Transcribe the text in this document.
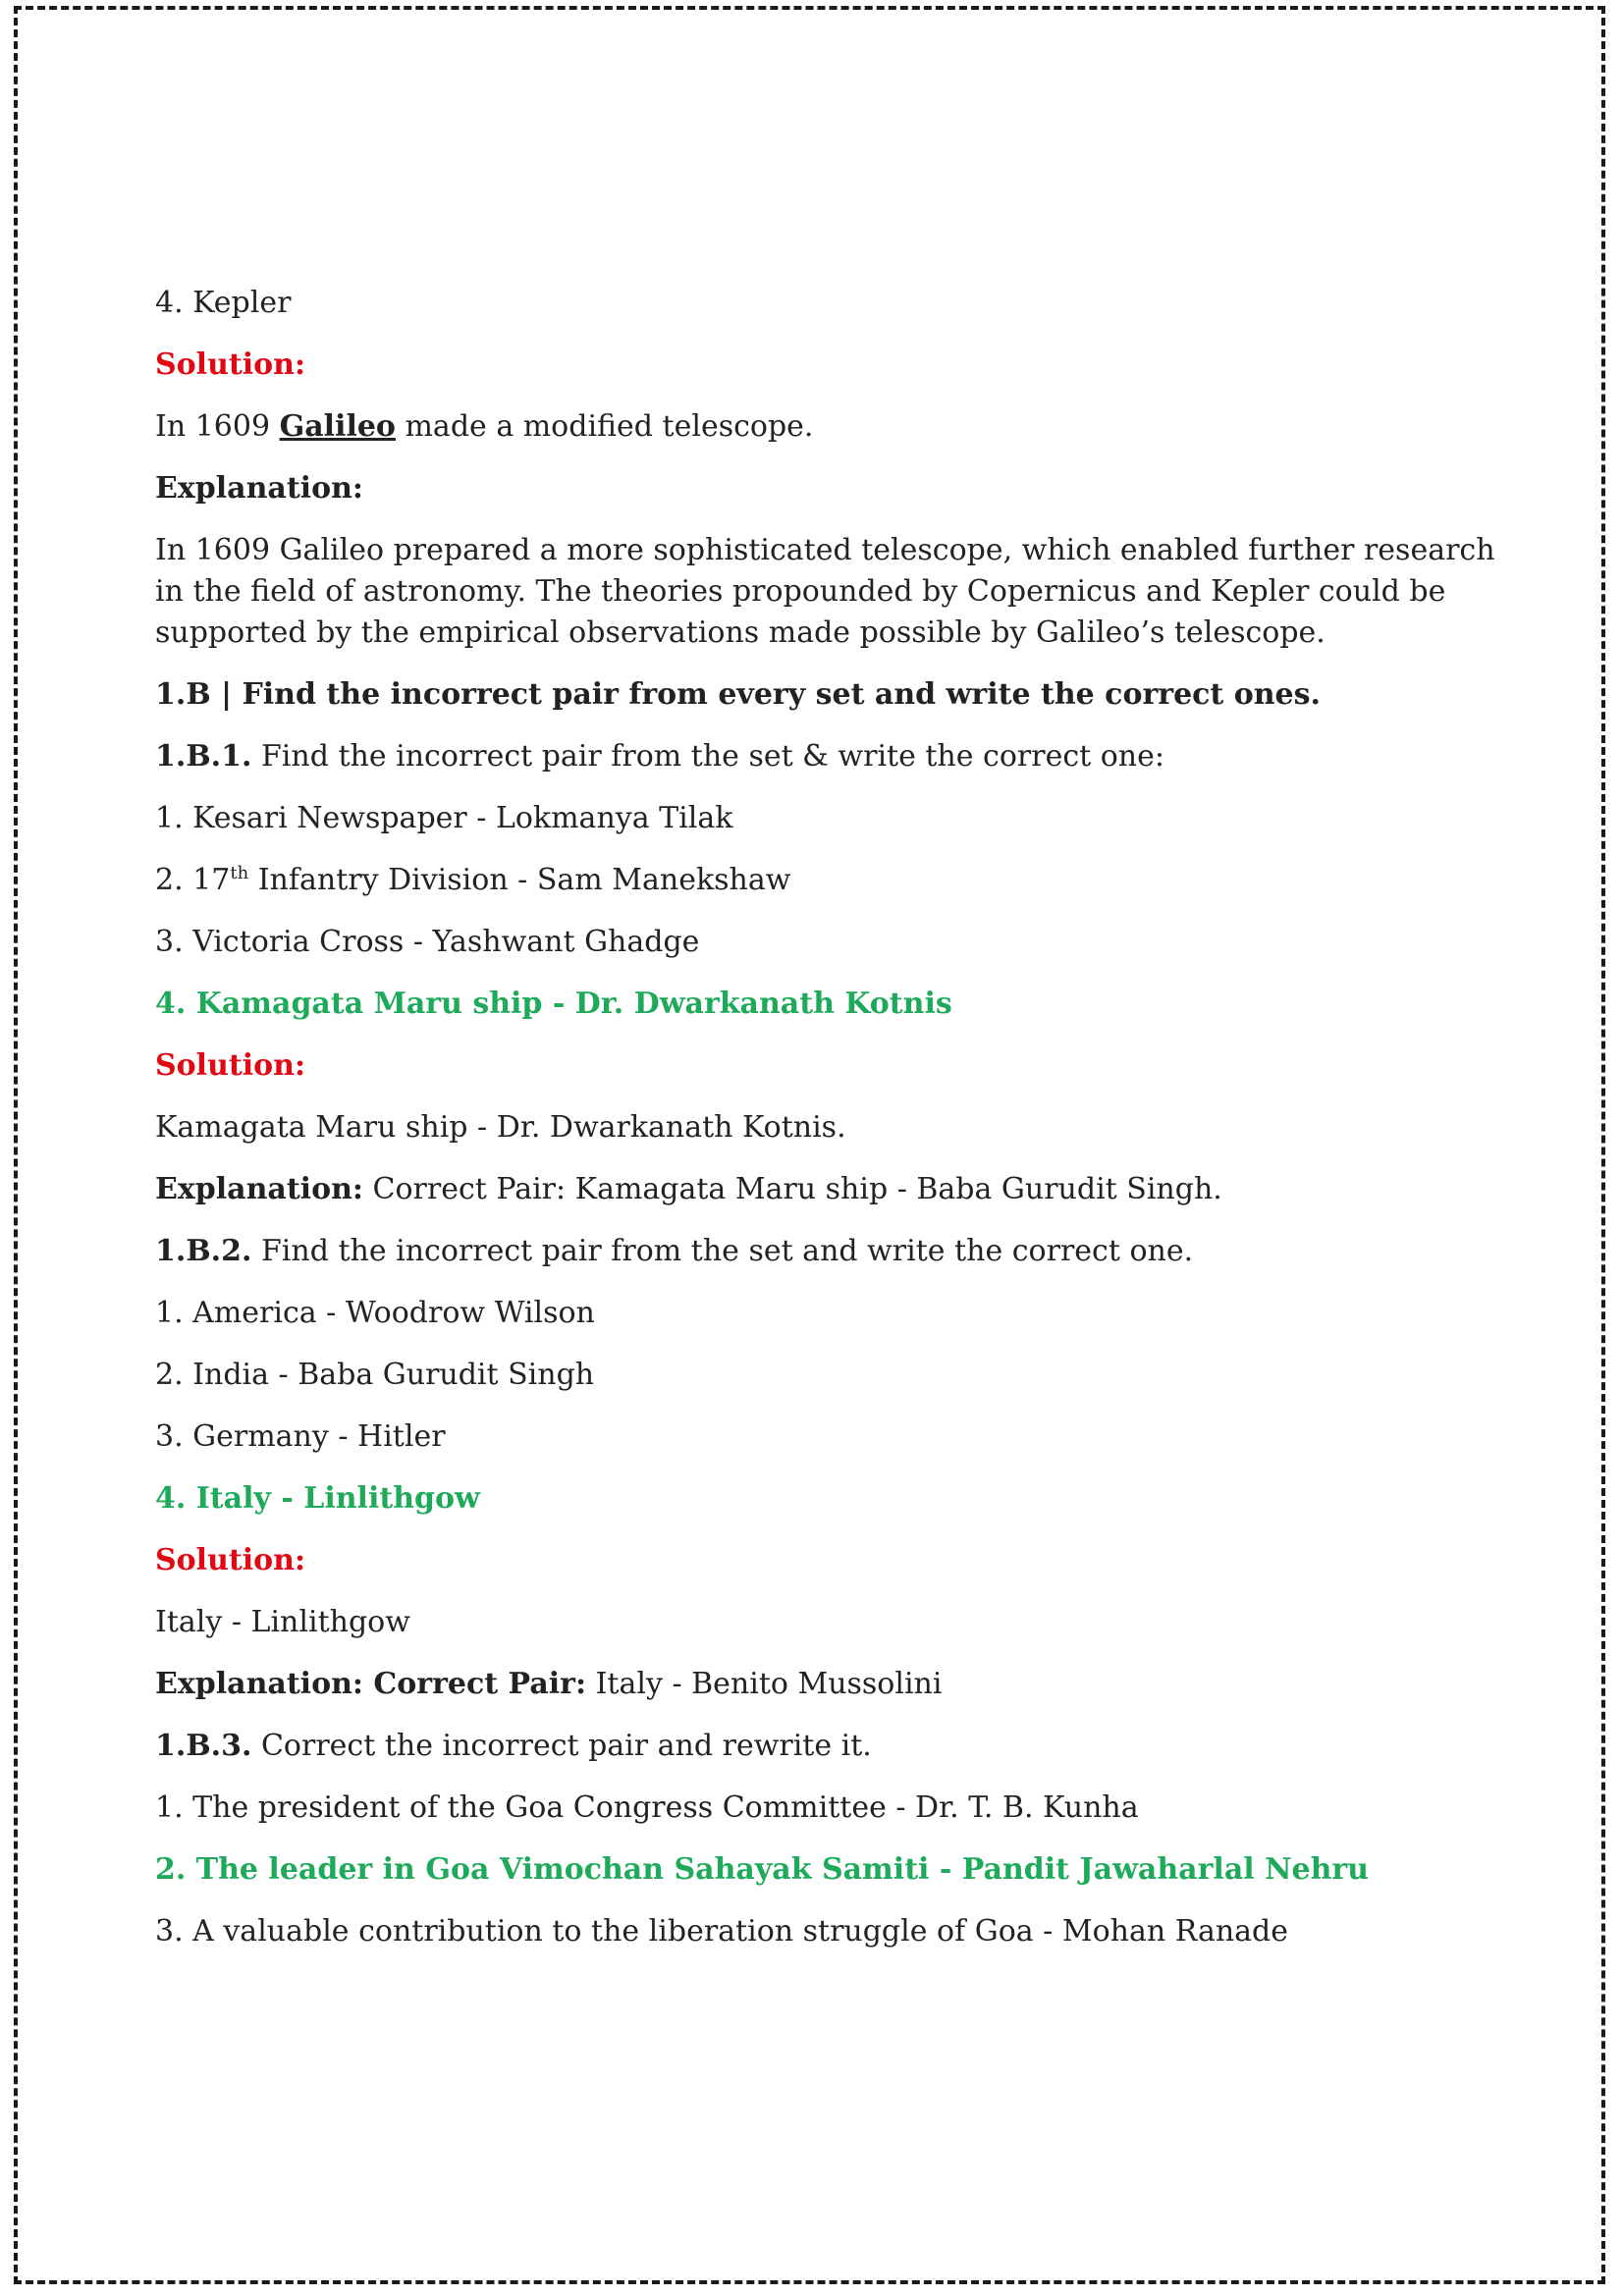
4. Kepler
Solution:
In 1609 Galileo made a modified telescope.
Explanation:
In 1609 Galileo prepared a more sophisticated telescope, which enabled further research in the field of astronomy. The theories propounded by Copernicus and Kepler could be supported by the empirical observations made possible by Galileo’s telescope.
1.B | Find the incorrect pair from every set and write the correct ones.
1.B.1. Find the incorrect pair from the set & write the correct one:
1. Kesari Newspaper - Lokmanya Tilak
2. 17th Infantry Division - Sam Manekshaw
3. Victoria Cross - Yashwant Ghadge
4. Kamagata Maru ship - Dr. Dwarkanath Kotnis
Solution:
Kamagata Maru ship - Dr. Dwarkanath Kotnis.
Explanation: Correct Pair: Kamagata Maru ship - Baba Gurudit Singh.
1.B.2. Find the incorrect pair from the set and write the correct one.
1. America - Woodrow Wilson
2. India - Baba Gurudit Singh
3. Germany - Hitler
4. Italy - Linlithgow
Solution:
Italy - Linlithgow
Explanation: Correct Pair: Italy - Benito Mussolini
1.B.3. Correct the incorrect pair and rewrite it.
1. The president of the Goa Congress Committee - Dr. T. B. Kunha
2. The leader in Goa Vimochan Sahayak Samiti - Pandit Jawaharlal Nehru
3. A valuable contribution to the liberation struggle of Goa - Mohan Ranade
